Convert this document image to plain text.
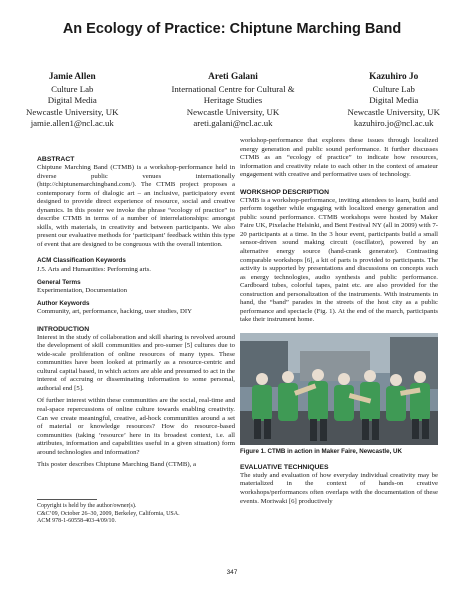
An Ecology of Practice: Chiptune Marching Band
Jamie Allen
Culture Lab
Digital Media
Newcastle University, UK
jamie.allen1@ncl.ac.uk
Areti Galani
International Centre for Cultural &
Heritage Studies
Newcastle University, UK
areti.galani@ncl.ac.uk
Kazuhiro Jo
Culture Lab
Digital Media
Newcastle University, UK
kazuhiro.jo@ncl.ac.uk
ABSTRACT

Chiptune Marching Band (CTMB) is a workshop-performance held in diverse public venues internationally (http://chiptunemarchingband.com/). The CTMB project proposes a contemporary form of dialogic art – an inclusive, participatory event designed to provide direct experience of resource, social and creative dynamics. In this poster we invoke the phrase “ecology of practice” to describe CTMB in terms of a number of interrelationships: amongst skills, with materials, in creativity and between participants. We also present our evaluative methods for ‘participant’ feedback within this type of event that are designed to be congruous with the overall intention.

ACM Classification Keywords

J.5. Arts and Humanities: Performing arts.

General Terms

Experimentation, Documentation

Author Keywords

Community, art, performance, hacking, user studies, DIY

INTRODUCTION

Interest in the study of collaboration and skill sharing is revolved around the development of skill communities and pro-sumer [5] cultures due to wide-scale proliferation of online resources of many types. These communities have been looked at primarily as a resource-centric and cultural capital based, in which actors are able and presumed to act in the interest of accruing or disseminating information to some personal, authorial end [5].

Of further interest within these communities are the social, real-time and real-space repercussions of online culture towards enabling creativity. Can we create meaningful, creative, ad-hock communities around a set of material or knowledge resources? How do resource-based communities (taking ‘resource’ here in its broadest context, i.e. all attributes, information and capabilities useful in a given situation) form around technologies and information?

This poster describes Chiptune Marching Band (CTMB), a

Copyright is held by the author/owner(s).
C&C’09, October 26–30, 2009, Berkeley, California, USA.
ACM 978-1-60558-403-4/09/10.

workshop-performance that explores these issues through localized energy generation and public sound performance. It further discusses CTMB as an “ecology of practice” to indicate how resources, information and creativity relate to each other in the context of amateur engagement with creative and performative uses of technology.

WORKSHOP DESCRIPTION

CTMB is a workshop-performance, inviting attendees to learn, build and perform together while engaging with localized energy generation and public sound performance. CTMB workshops were hosted by Maker Faire UK, Pixelache Helsinki, and Bent Festival NY (all in 2009) with 7-20 participants at a time. In the 3 hour event, participants build a small sensor-driven sound making circuit (oscillator), powered by an alternative energy source (hand-crank generator). Contrasting comparable workshops [6], a kit of parts is provided to participants. The activity is supported by presentations and discussions on concepts such as energy technologies, audio synthesis and public performance. Cardboard tubes, colorful tapes, paint etc. are also provided for the construction and personalization of the instruments. With instruments in hand, the “band” parades in the streets of the host city as a public performance and spectacle (Fig. 1). At the end of the march, participants take their instrument home.

Figure 1. CTMB in action in Maker Faire, Newcastle, UK
EVALUATIVE TECHNIQUES

The study and evaluation of how everyday individual creativity may be materialized in the context of hands-on creative workshops/performances often overlaps with the documentation of these events. Moriwaki [6] productively

347
